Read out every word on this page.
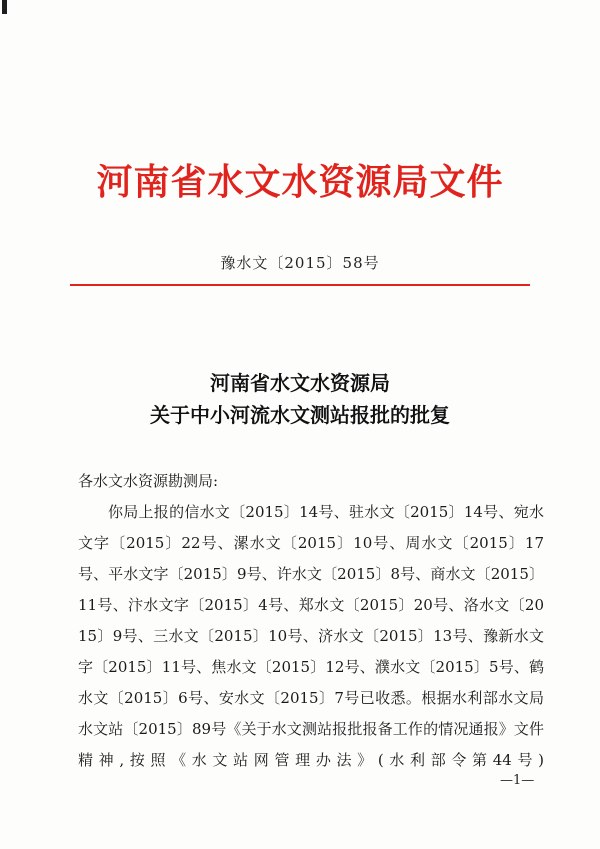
河南省水文水资源局文件
豫水文〔2015〕58号
河南省水文水资源局
关于中小河流水文测站报批的批复
各水文水资源勘测局:
你局上报的信水文〔2015〕14号、驻水文〔2015〕14号、宛水文字〔2015〕22号、漯水文〔2015〕10号、周水文〔2015〕17号、平水文字〔2015〕9号、许水文〔2015〕8号、商水文〔2015〕11号、汴水文字〔2015〕4号、郑水文〔2015〕20号、洛水文〔2015〕9号、三水文〔2015〕10号、济水文〔2015〕13号、豫新水文字〔2015〕11号、焦水文〔2015〕12号、濮水文〔2015〕5号、鹤水文〔2015〕6号、安水文〔2015〕7号已收悉。根据水利部水文局水文站〔2015〕89号《关于水文测站报批报备工作的情况通报》文件精神,按照《水文站网管理办法》(水利部令第44号)
—1—
